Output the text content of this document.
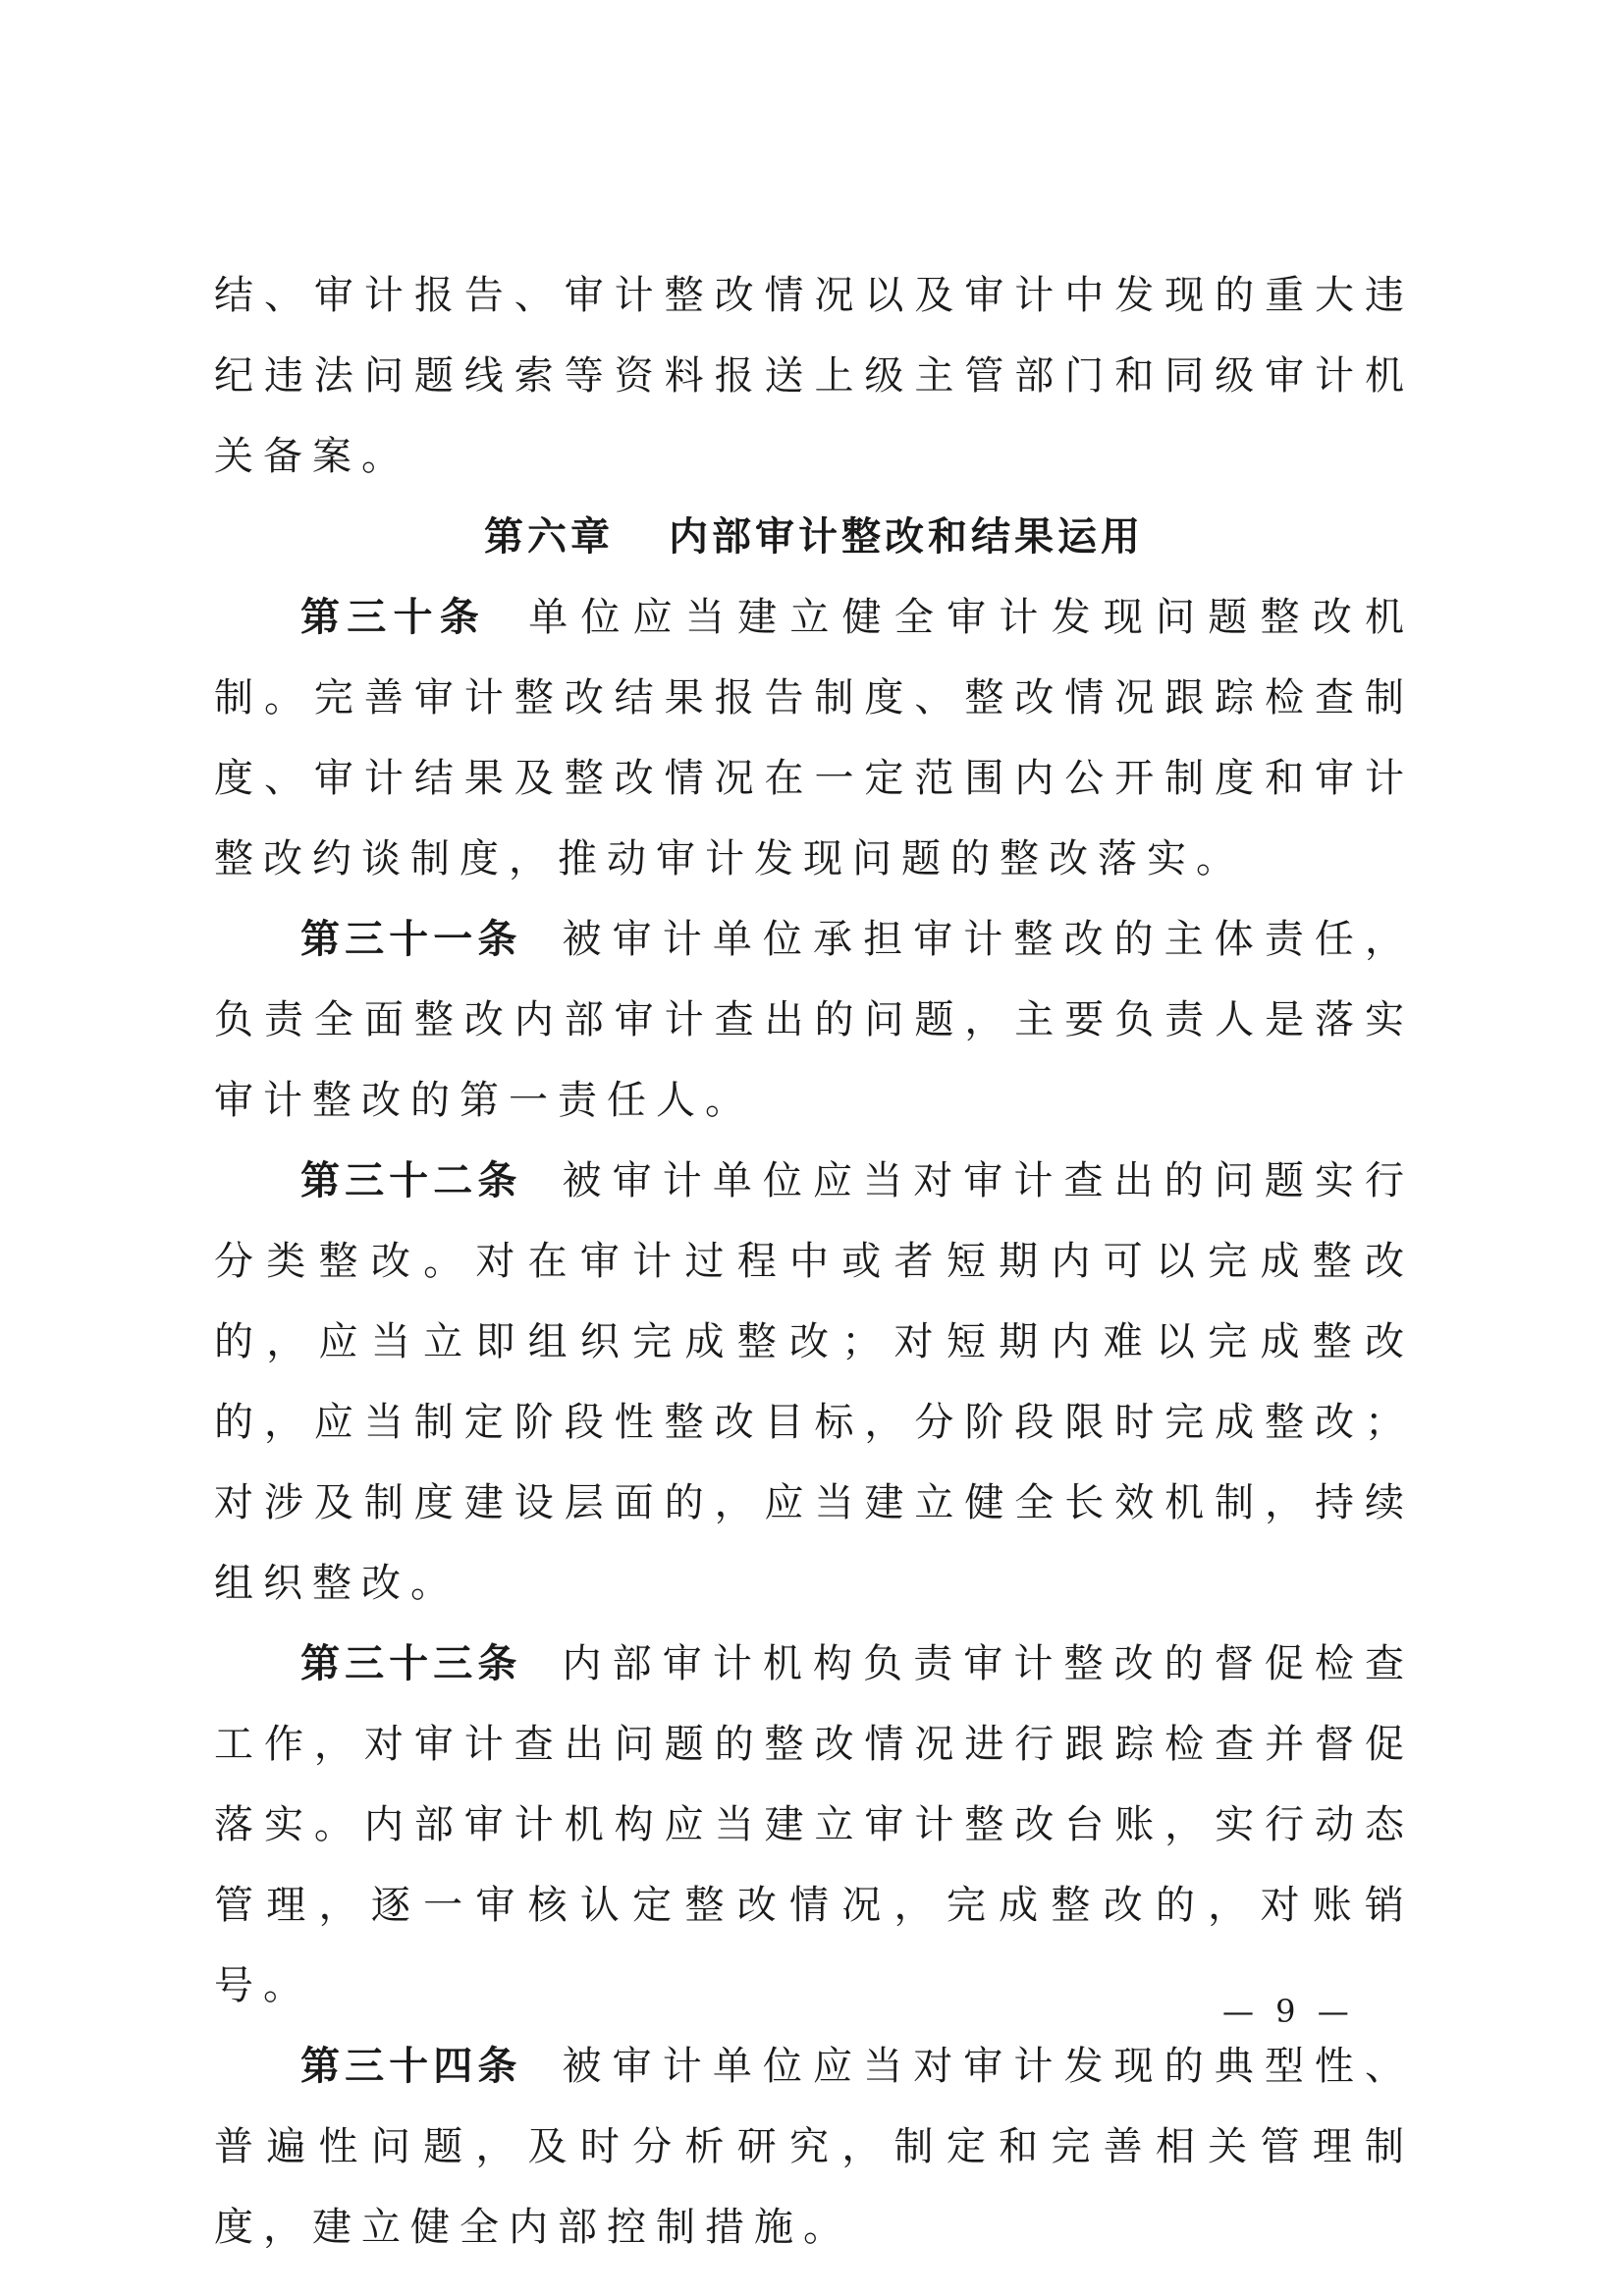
结、审计报告、审计整改情况以及审计中发现的重大违纪违法问题线索等资料报送上级主管部门和同级审计机关备案。

第六章 内部审计整改和结果运用

第三十条 单位应当建立健全审计发现问题整改机制。完善审计整改结果报告制度、整改情况跟踪检查制度、审计结果及整改情况在一定范围内公开制度和审计整改约谈制度，推动审计发现问题的整改落实。

第三十一条 被审计单位承担审计整改的主体责任，负责全面整改内部审计查出的问题，主要负责人是落实审计整改的第一责任人。

第三十二条 被审计单位应当对审计查出的问题实行分类整改。对在审计过程中或者短期内可以完成整改的，应当立即组织完成整改；对短期内难以完成整改的，应当制定阶段性整改目标，分阶段限时完成整改；对涉及制度建设层面的，应当建立健全长效机制，持续组织整改。

第三十三条 内部审计机构负责审计整改的督促检查工作，对审计查出问题的整改情况进行跟踪检查并督促落实。内部审计机构应当建立审计整改台账，实行动态管理，逐一审核认定整改情况，完成整改的，对账销号。

第三十四条 被审计单位应当对审计发现的典型性、普遍性问题，及时分析研究，制定和完善相关管理制度，建立健全内部控制措施。

— 9 —
